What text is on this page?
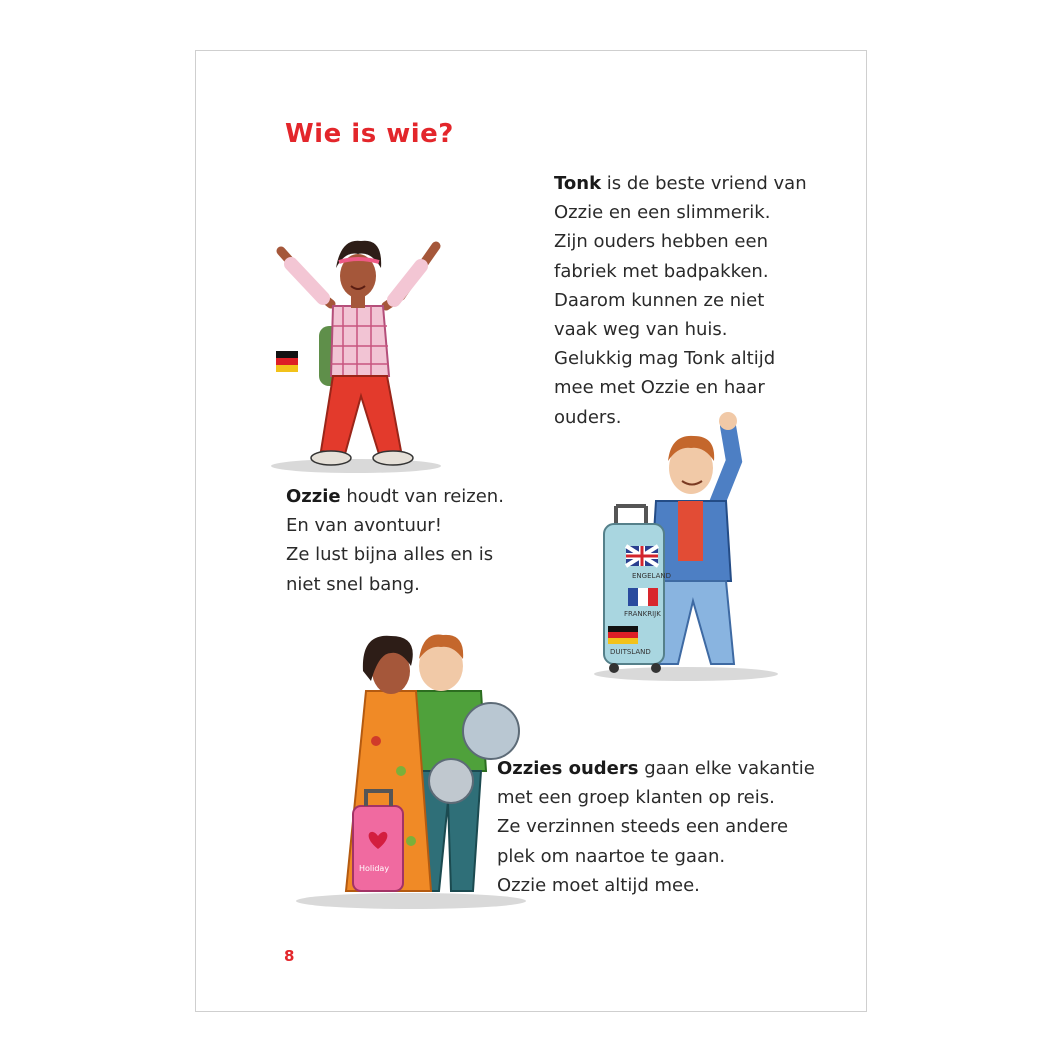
Wie is wie?

Tonk is de beste vriend van
Ozzie en een slimmerik.
Zijn ouders hebben een
fabriek met badpakken.
Daarom kunnen ze niet
vaak weg van huis.
Gelukkig mag Tonk altijd
mee met Ozzie en haar
ouders.

Ozzie houdt van reizen.
En van avontuur!
Ze lust bijna alles en is
niet snel bang.

Ozzies ouders gaan elke vakantie
met een groep klanten op reis.
Ze verzinnen steeds een andere
plek om naartoe te gaan.
Ozzie moet altijd mee.

ENGELAND
FRANKRIJK
DUITSLAND
Holiday
8
